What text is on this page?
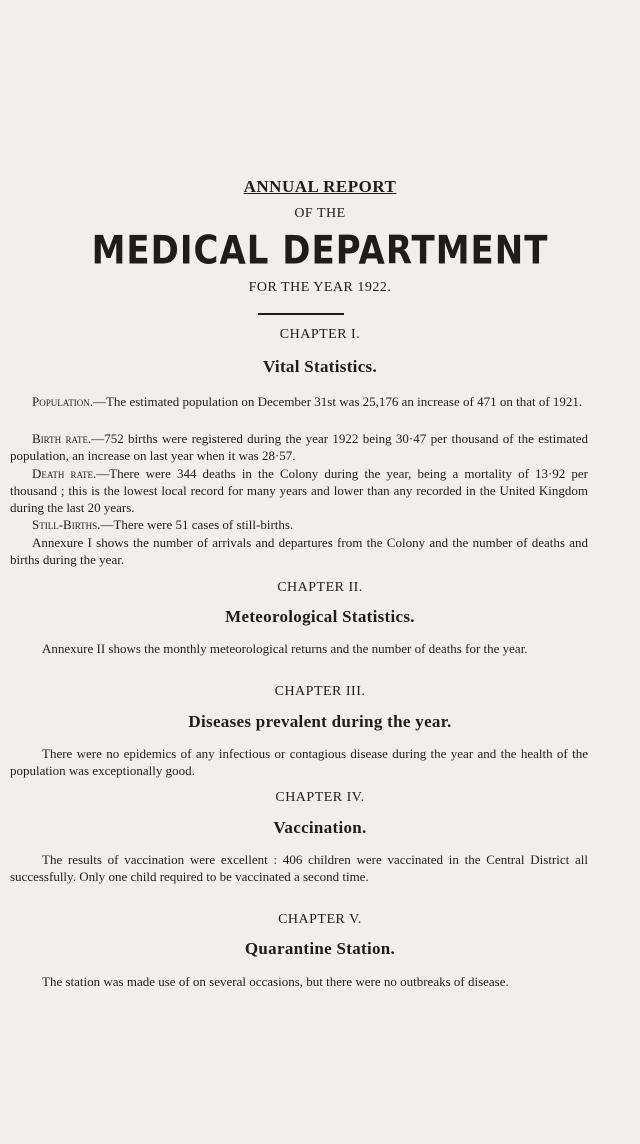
ANNUAL REPORT
OF THE
MEDICAL DEPARTMENT
FOR THE YEAR 1922.
CHAPTER I.
Vital Statistics.

Population.—The estimated population on December 31st was 25,176 an increase of 471 on that of 1921.

Birth rate.—752 births were registered during the year 1922 being 30·47 per thousand of the estimated population, an increase on last year when it was 28·57.

Death rate.—There were 344 deaths in the Colony during the year, being a mortality of 13·92 per thousand ; this is the lowest local record for many years and lower than any recorded in the United Kingdom during the last 20 years.

Still-Births.—There were 51 cases of still-births.

Annexure I shows the number of arrivals and departures from the Colony and the number of deaths and births during the year.

CHAPTER II.
Meteorological Statistics.

Annexure II shows the monthly meteorological returns and the number of deaths for the year.

CHAPTER III.
Diseases prevalent during the year.

There were no epidemics of any infectious or contagious disease during the year and the health of the population was exceptionally good.

CHAPTER IV.
Vaccination.

The results of vaccination were excellent : 406 children were vaccinated in the Central District all successfully. Only one child required to be vaccinated a second time.

CHAPTER V.
Quarantine Station.

The station was made use of on several occasions, but there were no outbreaks of disease.
